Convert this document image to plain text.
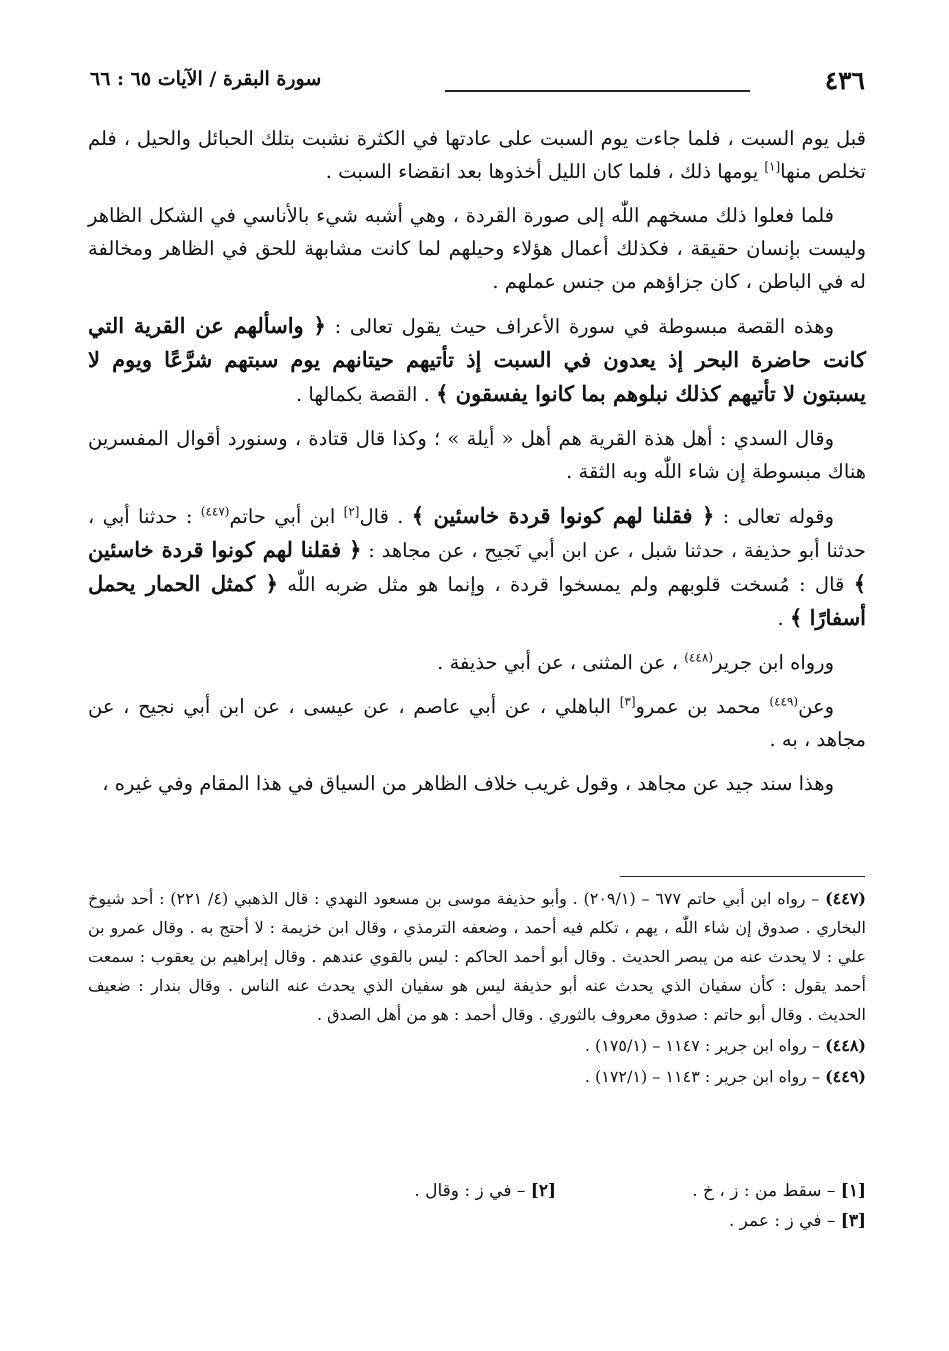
٤٣٦
سورة البقرة / الآيات ٦٥ : ٦٦

قبل يوم السبت ، فلما جاءت يوم السبت على عادتها في الكثرة نشبت بتلك الحبائل والحيل ، فلم تخلص منها[١] يومها ذلك ، فلما كان الليل أخذوها بعد انقضاء السبت .

فلما فعلوا ذلك مسخهم اللّٰه إلى صورة القردة ، وهي أشبه شيء بالأناسي في الشكل الظاهر وليست بإنسان حقيقة ، فكذلك أعمال هؤلاء وحيلهم لما كانت مشابهة للحق في الظاهر ومخالفة له في الباطن ، كان جزاؤهم من جنس عملهم .

وهذه القصة مبسوطة في سورة الأعراف حيث يقول تعالى : ﴿ واسألهم عن القرية التي كانت حاضرة البحر إذ يعدون في السبت إذ تأتيهم حيتانهم يوم سبتهم شرَّعًا ويوم لا يسبتون لا تأتيهم كذلك نبلوهم بما كانوا يفسقون ﴾ . القصة بكمالها .

وقال السدي : أهل هذة القرية هم أهل « أيلة » ؛ وكذا قال قتادة ، وسنورد أقوال المفسرين هناك مبسوطة إن شاء اللّٰه وبه الثقة .

وقوله تعالى : ﴿ فقلنا لهم كونوا قردة خاسئين ﴾ . قال[٢] ابن أبي حاتم$^{(٤٤٧)}$ : حدثنا أبي ، حدثنا أبو حذيفة ، حدثنا شبل ، عن ابن أبي نَجيح ، عن مجاهد : ﴿ فقلنا لهم كونوا قردة خاسئين ﴾ قال : مُسخت قلوبهم ولم يمسخوا قردة ، وإنما هو مثل ضربه اللّٰه ﴿ كمثل الحمار يحمل أسفارًا ﴾ .

ورواه ابن جرير$^{(٤٤٨)}$ ، عن المثنى ، عن أبي حذيفة .

وعن$^{(٤٤٩)}$ محمد بن عمرو[٣] الباهلي ، عن أبي عاصم ، عن عيسى ، عن ابن أبي نجيح ، عن مجاهد ، به .

وهذا سند جيد عن مجاهد ، وقول غريب خلاف الظاهر من السياق في هذا المقام وفي غيره ،

(٤٤٧) – رواه ابن أبي حاتم ٦٧٧ – (٢٠٩/١) . وأبو حذيفة موسى بن مسعود النهدي : قال الذهبي (٤/ ٢٢١) : أحد شيوخ البخاري . صدوق إن شاء اللّٰه ، يهم ، تكلم فيه أحمد ، وضعفه الترمذي ، وقال ابن خزيمة : لا أحتج به . وقال عمرو بن علي : لا يحدث عنه من يبصر الحديث . وقال أبو أحمد الحاكم : ليس بالقوي عندهم . وقال إبراهيم بن يعقوب : سمعت أحمد يقول : كأن سفيان الذي يحدث عنه أبو حذيفة ليس هو سفيان الذي يحدث عنه الناس . وقال بندار : ضعيف الحديث . وقال أبو حاتم : صدوق معروف بالثوري . وقال أحمد : هو من أهل الصدق .
(٤٤٨) – رواه ابن جرير : ١١٤٧ – (١٧٥/١) .
(٤٤٩) – رواه ابن جرير : ١١٤٣ – (١٧٢/١) .
[١] – سقط من : ز ، خ .
[٢] – في ز : وقال .
[٣] – في ز : عمر .
